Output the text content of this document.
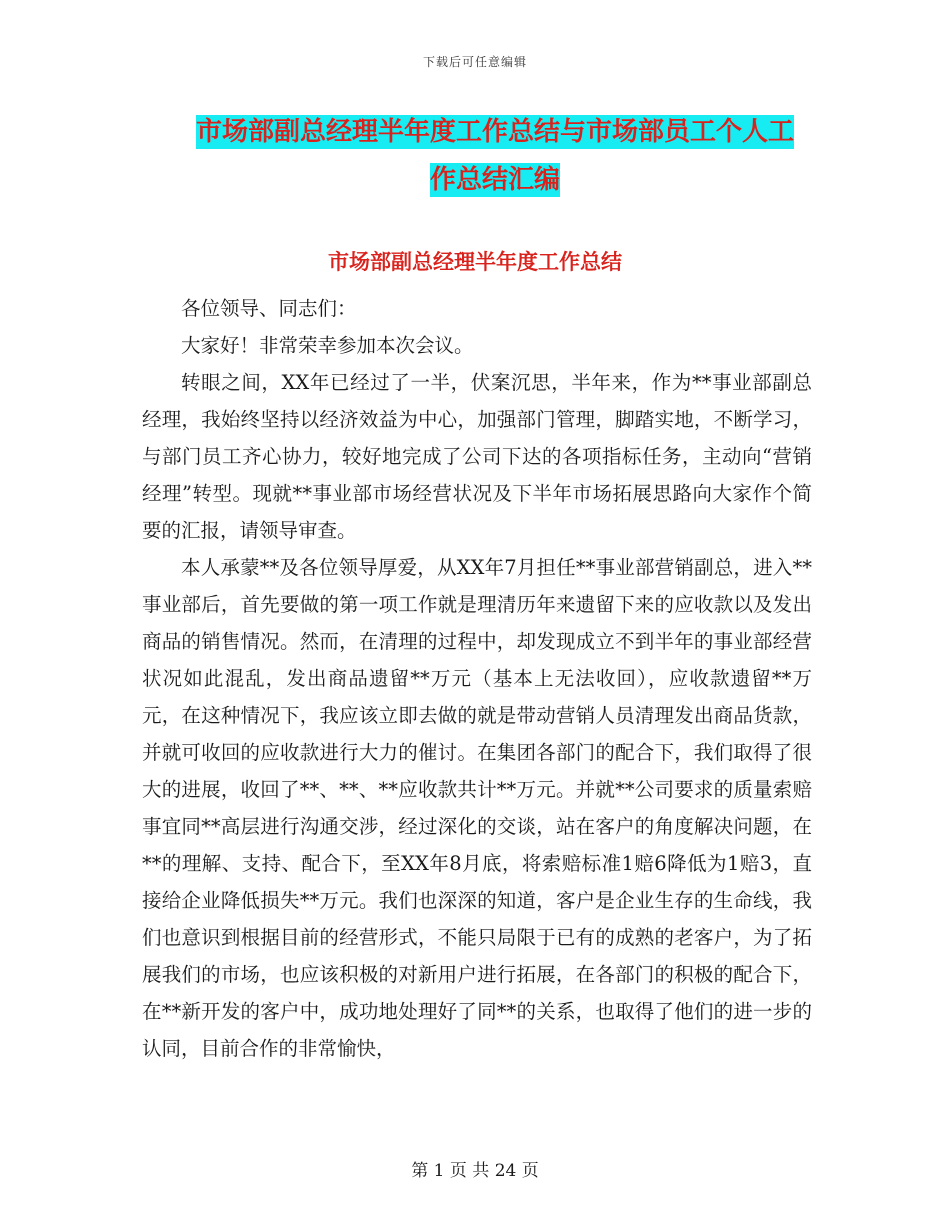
下载后可任意编辑
市场部副总经理半年度工作总结与市场部员工个人工
作总结汇编
市场部副总经理半年度工作总结

各位领导、同志们：

大家好！非常荣幸参加本次会议。

转眼之间，XX年已经过了一半，伏案沉思，半年来，作为**事业部副总经理，我始终坚持以经济效益为中心，加强部门管理，脚踏实地，不断学习，与部门员工齐心协力，较好地完成了公司下达的各项指标任务，主动向“营销经理”转型。现就**事业部市场经营状况及下半年市场拓展思路向大家作个简要的汇报，请领导审查。

本人承蒙**及各位领导厚爱，从XX年7月担任**事业部营销副总，进入**事业部后，首先要做的第一项工作就是理清历年来遗留下来的应收款以及发出商品的销售情况。然而，在清理的过程中，却发现成立不到半年的事业部经营状况如此混乱，发出商品遗留**万元（基本上无法收回），应收款遗留**万元，在这种情况下，我应该立即去做的就是带动营销人员清理发出商品货款，并就可收回的应收款进行大力的催讨。在集团各部门的配合下，我们取得了很大的进展，收回了**、**、**应收款共计**万元。并就**公司要求的质量索赔事宜同**高层进行沟通交涉，经过深化的交谈，站在客户的角度解决问题，在**的理解、支持、配合下，至XX年8月底，将索赔标准1赔6降低为1赔3，直接给企业降低损失**万元。我们也深深的知道，客户是企业生存的生命线，我们也意识到根据目前的经营形式，不能只局限于已有的成熟的老客户，为了拓展我们的市场，也应该积极的对新用户进行拓展，在各部门的积极的配合下，在**新开发的客户中，成功地处理好了同**的关系，也取得了他们的进一步的认同，目前合作的非常愉快，

第 1 页 共 24 页
